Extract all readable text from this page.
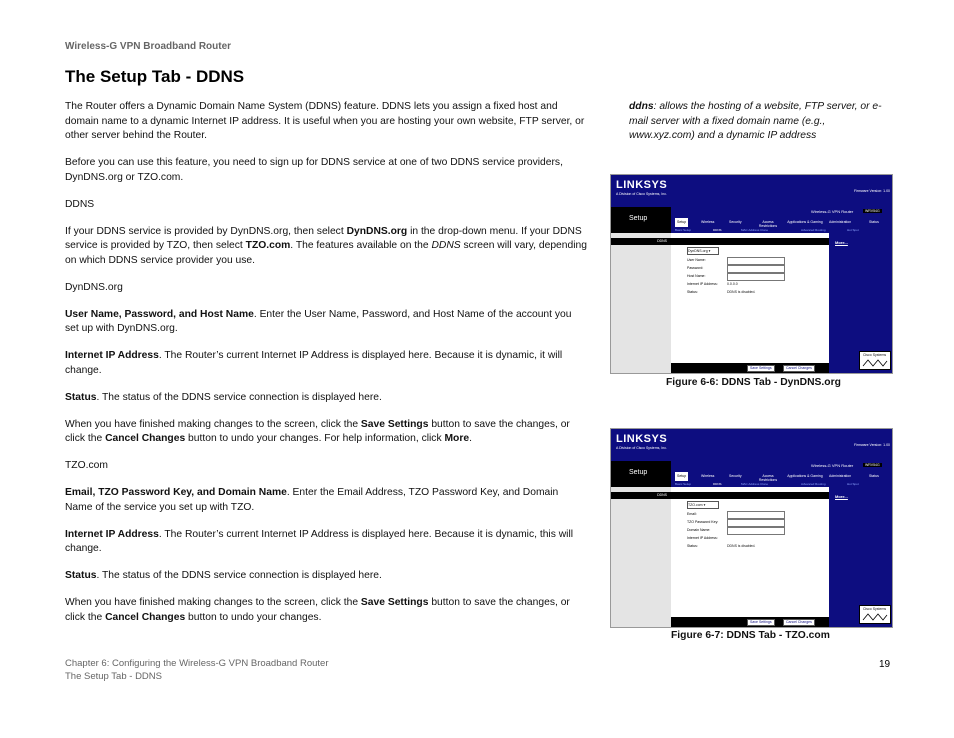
Wireless-G VPN Broadband Router
The Setup Tab - DDNS

The Router offers a Dynamic Domain Name System (DDNS) feature. DDNS lets you assign a fixed host and domain name to a dynamic Internet IP address. It is useful when you are hosting your own website, FTP server, or other server behind the Router.

Before you can use this feature, you need to sign up for DDNS service at one of two DDNS service providers, DynDNS.org or TZO.com.

DDNS

If your DDNS service is provided by DynDNS.org, then select DynDNS.org in the drop-down menu. If your DDNS service is provided by TZO, then select TZO.com. The features available on the DDNS screen will vary, depending on which DDNS service provider you use.

DynDNS.org

User Name, Password, and Host Name. Enter the User Name, Password, and Host Name of the account you set up with DynDNS.org.

Internet IP Address. The Router’s current Internet IP Address is displayed here. Because it is dynamic, it will change.

Status. The status of the DDNS service connection is displayed here.

When you have finished making changes to the screen, click the Save Settings button to save the changes, or click the Cancel Changes button to undo your changes. For help information, click More.

TZO.com

Email, TZO Password Key, and Domain Name. Enter the Email Address, TZO Password Key, and Domain Name of the service you set up with TZO.

Internet IP Address. The Router’s current Internet IP Address is displayed here. Because it is dynamic, this will change.

Status. The status of the DDNS service connection is displayed here.

When you have finished making changes to the screen, click the Save Settings button to save the changes, or click the Cancel Changes button to undo your changes.

ddns: allows the hosting of a website, FTP server, or e-mail server with a fixed domain name (e.g., www.xyz.com) and a dynamic IP address
LINKSYS
A Division of Cisco Systems, Inc.
Firmware Version: 1.00
Setup
Wireless-G VPN Router	WRV54G
Setup	Wireless	Security	Access Restrictions
Applications & Gaming Administration	Status
Basic Setup	DDNS	MAC Address Clone	Advanced Routing	Hot Spot
DDNS
DynDNS.org ▾
User Name:
Password:
Host Name:
Internet IP Address:	0.0.0.0
Status:	DDNS is disabled.
More...
Save Settings	Cancel Changes
Cisco Systems
Figure 6-6: DDNS Tab - DynDNS.org
LINKSYS
A Division of Cisco Systems, Inc.
Firmware Version: 1.00
Setup
Wireless-G VPN Router	WRV54G
Setup	Wireless	Security	Access Restrictions
Applications & Gaming Administration	Status
Basic Setup	DDNS	MAC Address Clone	Advanced Routing	Hot Spot
DDNS
TZO.com ▾
Email:
TZO Password Key:
Domain Name:
Internet IP Address:
Status:	DDNS is disabled.
More...
Save Settings	Cancel Changes
Cisco Systems
Figure 6-7: DDNS Tab - TZO.com
Chapter 6: Configuring the Wireless-G VPN Broadband Router
The Setup Tab - DDNS
19
